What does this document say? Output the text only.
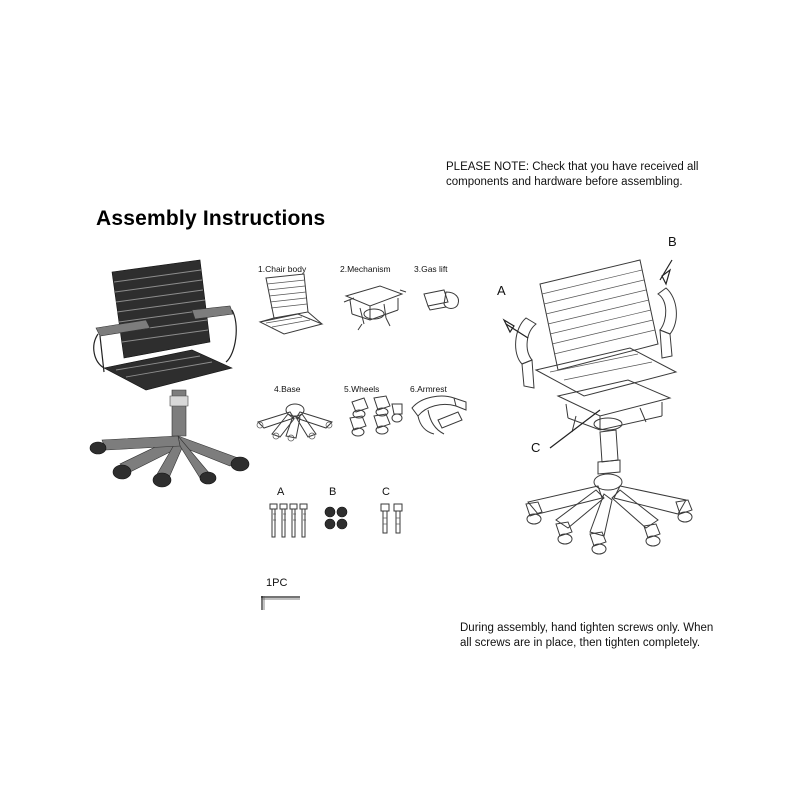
PLEASE NOTE: Check that you have received all components and hardware before assembling.
Assembly Instructions
1.Chair body	2.Mechanism	3.Gas lift
4.Base	5.Wheels	6.Armrest
A	B	C
1PC
A
B
C
During assembly, hand tighten screws only. When all screws are in place, then tighten completely.
